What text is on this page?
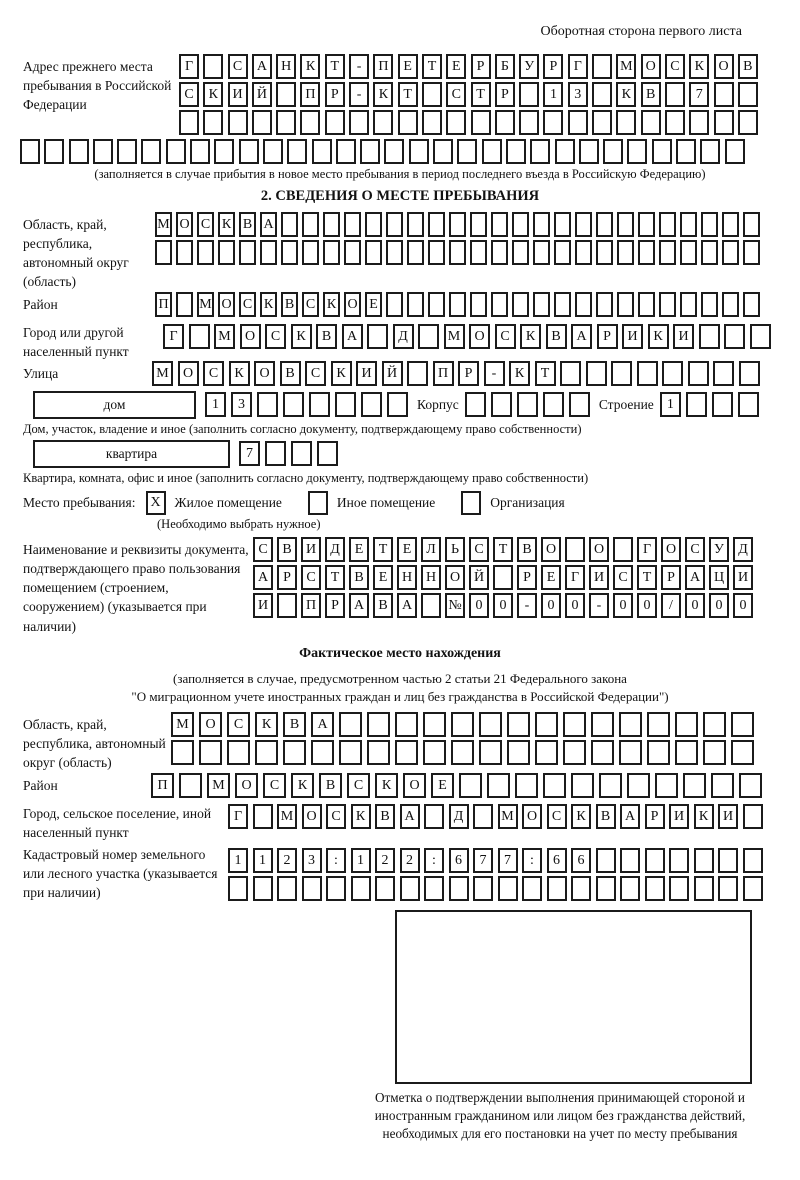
Оборотная сторона первого листа
Адрес прежнего места пребывания в Российской Федерации
Г	С	А	Н	К	Т	-	П	Е	Т	Е	Р	Б	У	Р	Г	М О	С	К	О	В
С	К	И	Й	П	Р	-	К	Т	С	Т	Р	1	3	К	В	7
(заполняется в случае прибытия в новое место пребывания в период последнего въезда в Российскую Федерацию)
2. СВЕДЕНИЯ О МЕСТЕ ПРЕБЫВАНИЯ
Область, край, республика, автономный округ (область)
М О С К В А
Район	П М О С К В С К О Е
Город или другой населенный пункт
Г	М	О	С	К	В	А	Д	М	О	С	К	В	А	Р	И	К	И
Улица	М	О	С	К	О	В	С	К	И	Й	П	Р	-	К	Т
дом	1	3	Корпус	Строение 1
Дом, участок, владение и иное (заполнить согласно документу, подтверждающему право собственности)
квартира	7
Квартира, комната, офис и иное (заполнить согласно документу, подтверждающему право собственности)
Место пребывания:	X	Жилое помещение	Иное помещение	Организация
(Необходимо выбрать нужное)
Наименование и реквизиты документа, подтверждающего право пользования помещением (строением, сооружением) (указывается при наличии)
С	В	И	Д	Е	Т	Е	Л	Ь	С	Т	В	О	О	Г	О	С	У	Д
А	Р	С	Т	В	Е	Н Н О Й	Р	Е	Г	И	С	Т	Р	А Ц И
И	П	Р	А	В	А	№ 0	0	-	0	0	-	0	0	/	0	0	0
Фактическое место нахождения
(заполняется в случае, предусмотренном частью 2 статьи 21 Федерального закона
"О миграционном учете иностранных граждан и лиц без гражданства в Российской Федерации")
Область, край, республика, автономный округ (область)
М	О	С	К	В	А
Район	П	М	О	С	К	В	С	К	О	Е
Город, сельское поселение, иной населенный пункт
Г	М О	С	К	В	А	Д	М О	С	К	В	А	Р	И	К	И
Кадастровый номер земельного или лесного участка (указывается при наличии)
1	1	2	3	:	1	2	2	:	6	7	7	:	6	6
Отметка о подтверждении выполнения принимающей стороной и иностранным гражданином или лицом без гражданства действий, необходимых для его постановки на учет по месту пребывания
